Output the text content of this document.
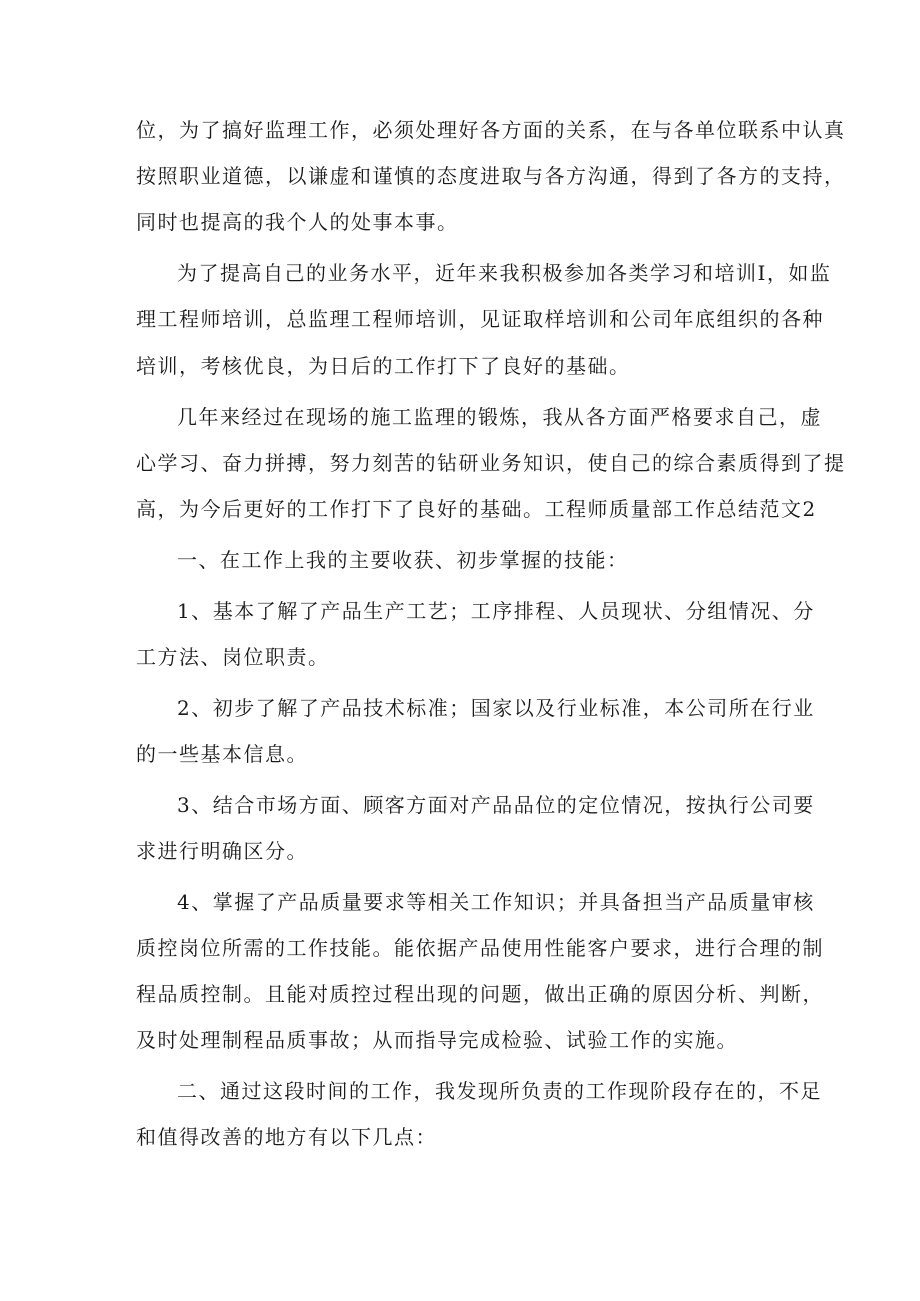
位，为了搞好监理工作，必须处理好各方面的关系，在与各单位联系中认真
按照职业道德，以谦虚和谨慎的态度进取与各方沟通，得到了各方的支持，
同时也提高的我个人的处事本事。
为了提高自己的业务水平，近年来我积极参加各类学习和培训I，如监
理工程师培训，总监理工程师培训，见证取样培训和公司年底组织的各种
培训，考核优良，为日后的工作打下了良好的基础。
几年来经过在现场的施工监理的锻炼，我从各方面严格要求自己，虚
心学习、奋力拼搏，努力刻苦的钻研业务知识，使自己的综合素质得到了提
高，为今后更好的工作打下了良好的基础。工程师质量部工作总结范文2
一、在工作上我的主要收获、初步掌握的技能：
1、基本了解了产品生产工艺；工序排程、人员现状、分组情况、分
工方法、岗位职责。
2、初步了解了产品技术标准；国家以及行业标准，本公司所在行业
的一些基本信息。
3、结合市场方面、顾客方面对产品品位的定位情况，按执行公司要
求进行明确区分。
4、掌握了产品质量要求等相关工作知识；并具备担当产品质量审核
质控岗位所需的工作技能。能依据产品使用性能客户要求，进行合理的制
程品质控制。且能对质控过程出现的问题，做出正确的原因分析、判断，
及时处理制程品质事故；从而指导完成检验、试验工作的实施。
二、通过这段时间的工作，我发现所负责的工作现阶段存在的，不足
和值得改善的地方有以下几点：
